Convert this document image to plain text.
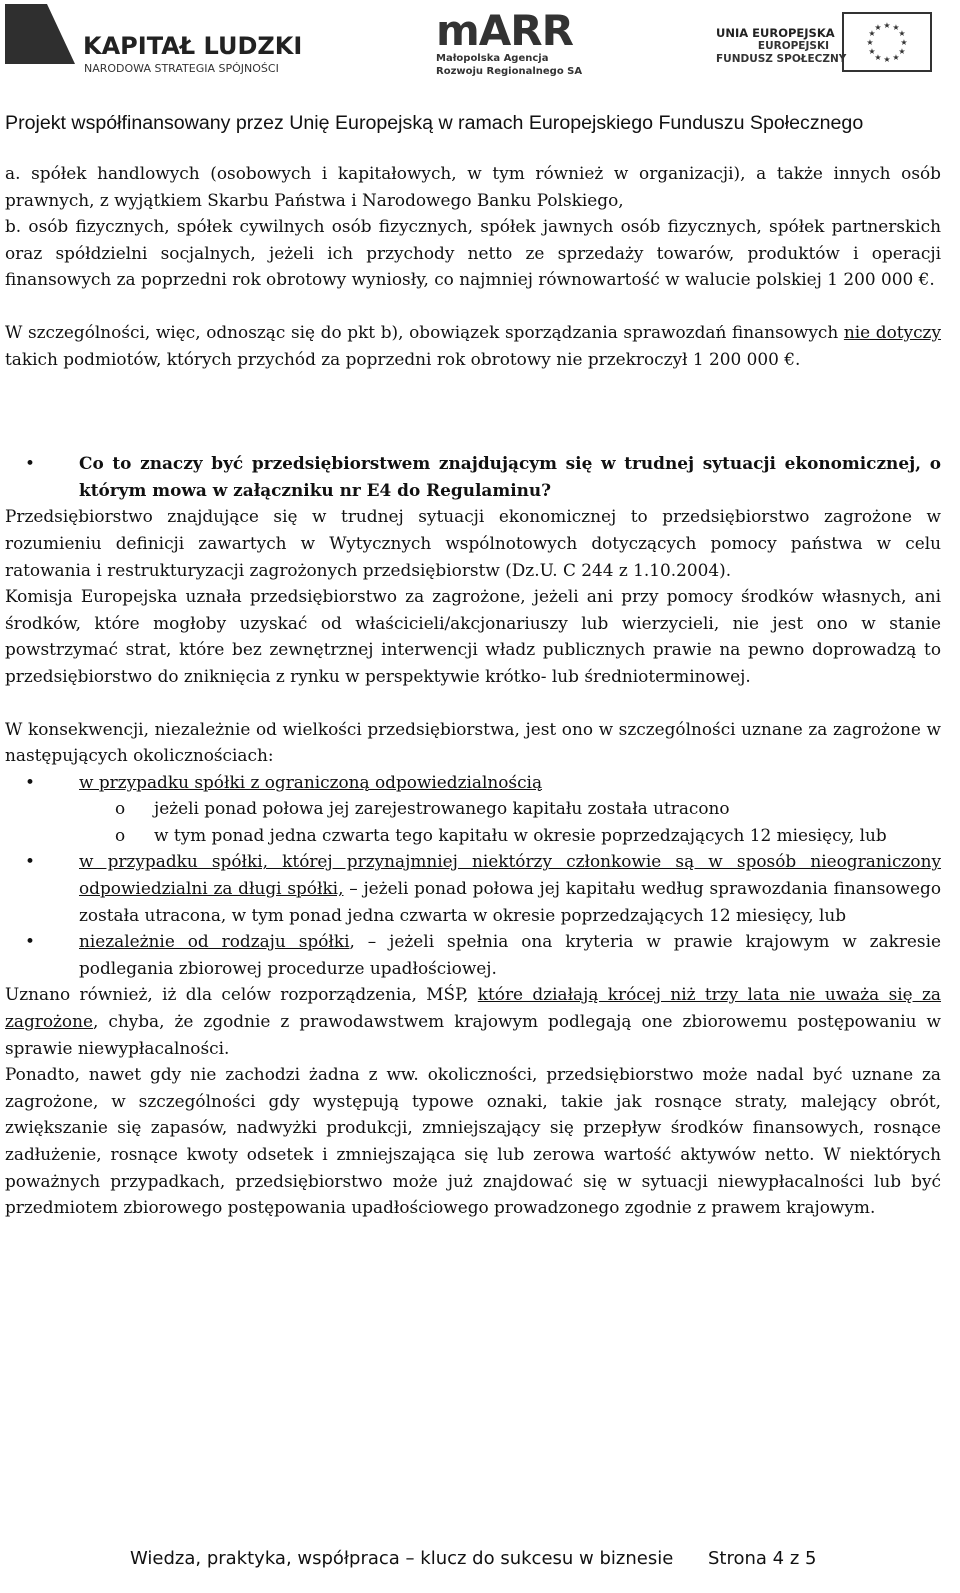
KAPITAŁ LUDZKI
NARODOWA STRATEGIA SPÓJNOŚCI
mARR
Małopolska Agencja
Rozwoju Regionalnego SA
UNIA EUROPEJSKA
EUROPEJSKI
FUNDUSZ SPOŁECZNY
★ ★
★
★
★
★
★
★
★
★
★
★
Projekt współfinansowany przez Unię Europejską w ramach Europejskiego Funduszu Społecznego

a. spółek handlowych (osobowych i kapitałowych, w tym również w organizacji), a także innych osób prawnych, z wyjątkiem Skarbu Państwa i Narodowego Banku Polskiego,

b. osób fizycznych, spółek cywilnych osób fizycznych, spółek jawnych osób fizycznych, spółek partnerskich oraz spółdzielni socjalnych, jeżeli ich przychody netto ze sprzedaży towarów, produktów i operacji finansowych za poprzedni rok obrotowy wyniosły, co najmniej równowartość w walucie polskiej 1 200 000 €.

W szczególności, więc, odnosząc się do pkt b), obowiązek sporządzania sprawozdań finansowych nie dotyczy takich podmiotów, których przychód za poprzedni rok obrotowy nie przekroczył 1 200 000 €.

•	Co to znaczy być przedsiębiorstwem znajdującym się w trudnej sytuacji ekonomicznej, o którym mowa w załączniku nr E4 do Regulaminu?

Przedsiębiorstwo znajdujące się w trudnej sytuacji ekonomicznej to przedsiębiorstwo zagrożone w rozumieniu definicji zawartych w Wytycznych wspólnotowych dotyczących pomocy państwa w celu ratowania i restrukturyzacji zagrożonych przedsiębiorstw (Dz.U. C 244 z 1.10.2004).

Komisja Europejska uznała przedsiębiorstwo za zagrożone, jeżeli ani przy pomocy środków własnych, ani środków, które mogłoby uzyskać od właścicieli/akcjonariuszy lub wierzycieli, nie jest ono w stanie powstrzymać strat, które bez zewnętrznej interwencji władz publicznych prawie na pewno doprowadzą to przedsiębiorstwo do zniknięcia z rynku w perspektywie krótko- lub średnioterminowej.

W konsekwencji, niezależnie od wielkości przedsiębiorstwa, jest ono w szczególności uznane za zagrożone w następujących okolicznościach:

•	w przypadku spółki z ograniczoną odpowiedzialnością
o jeżeli ponad połowa jej zarejestrowanego kapitału została utracono
o w tym ponad jedna czwarta tego kapitału w okresie poprzedzających 12 miesięcy, lub
•	w przypadku spółki, której przynajmniej niektórzy członkowie są w sposób nieograniczony odpowiedzialni za długi spółki, – jeżeli ponad połowa jej kapitału według sprawozdania finansowego została utracona, w tym ponad jedna czwarta w okresie poprzedzających 12 miesięcy, lub
•	niezależnie od rodzaju spółki, – jeżeli spełnia ona kryteria w prawie krajowym w zakresie podlegania zbiorowej procedurze upadłościowej.

Uznano również, iż dla celów rozporządzenia, MŚP, które działają krócej niż trzy lata nie uważa się za zagrożone, chyba, że zgodnie z prawodawstwem krajowym podlegają one zbiorowemu postępowaniu w sprawie niewypłacalności.

Ponadto, nawet gdy nie zachodzi żadna z ww. okoliczności, przedsiębiorstwo może nadal być uznane za zagrożone, w szczególności gdy występują typowe oznaki, takie jak rosnące straty, malejący obrót, zwiększanie się zapasów, nadwyżki produkcji, zmniejszający się przepływ środków finansowych, rosnące zadłużenie, rosnące kwoty odsetek i zmniejszająca się lub zerowa wartość aktywów netto. W niektórych poważnych przypadkach, przedsiębiorstwo może już znajdować się w sytuacji niewypłacalności lub być przedmiotem zbiorowego postępowania upadłościowego prowadzonego zgodnie z prawem krajowym.

Wiedza, praktyka, współpraca – klucz do sukcesu w biznesie Strona 4 z 5
